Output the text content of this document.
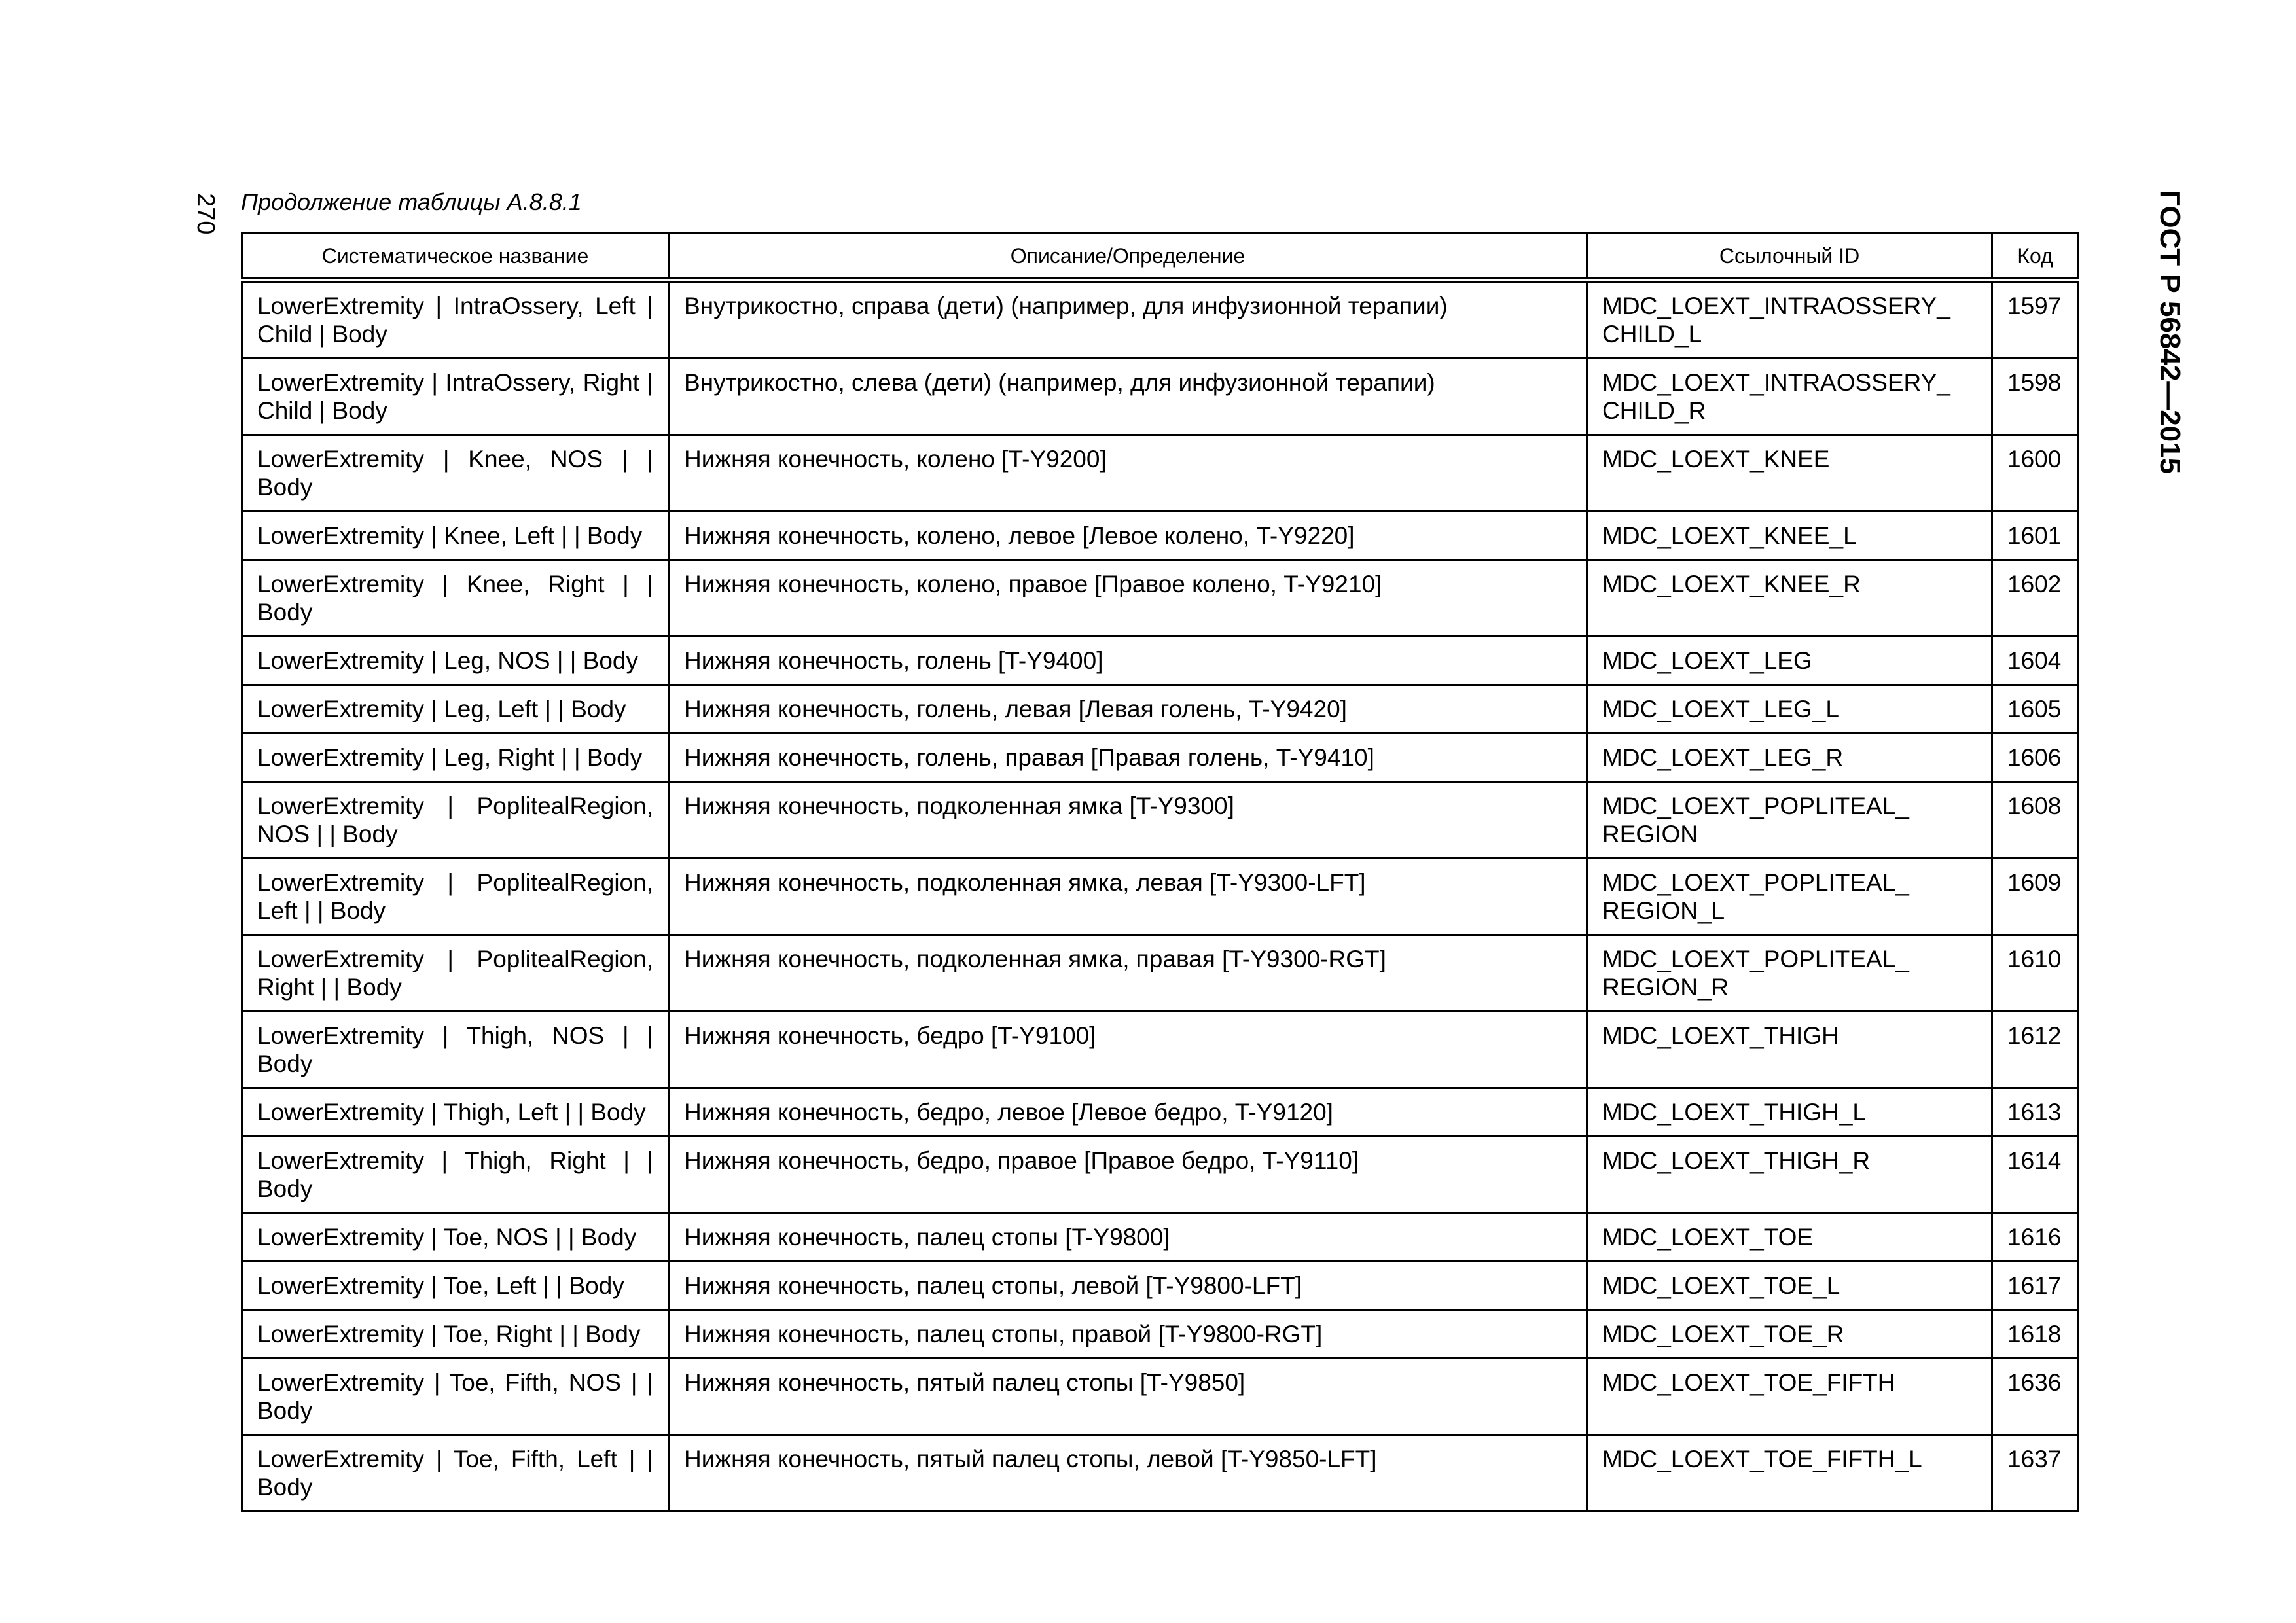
270	ГОСТ Р 56842—2015
Продолжение таблицы А.8.8.1
Систематическое название	Описание/Определение	Ссылочный ID	Код
LowerExtremity | IntraOssery, Left | Child | Body	Внутрикостно, справа (дети) (например, для инфузионной терапии)	MDC_LOEXT_INTRAOSSERY_ CHILD_L	1597
LowerExtremity | IntraOssery, Right | Child | Body	Внутрикостно, слева (дети) (например, для инфузионной терапии)	MDC_LOEXT_INTRAOSSERY_ CHILD_R	1598
LowerExtremity | Knee, NOS | | Body	Нижняя конечность, колено [T-Y9200]	MDC_LOEXT_KNEE	1600
LowerExtremity | Knee, Left | | Body	Нижняя конечность, колено, левое [Левое колено, T-Y9220]	MDC_LOEXT_KNEE_L	1601
LowerExtremity | Knee, Right | | Body	Нижняя конечность, колено, правое [Правое колено, T-Y9210]	MDC_LOEXT_KNEE_R	1602
LowerExtremity | Leg, NOS | | Body	Нижняя конечность, голень [T-Y9400]	MDC_LOEXT_LEG	1604
LowerExtremity | Leg, Left | | Body	Нижняя конечность, голень, левая [Левая голень, T-Y9420]	MDC_LOEXT_LEG_L	1605
LowerExtremity | Leg, Right | | Body	Нижняя конечность, голень, правая [Правая голень, T-Y9410]	MDC_LOEXT_LEG_R	1606
LowerExtremity | PoplitealRegion, NOS | | Body	Нижняя конечность, подколенная ямка [T-Y9300]	MDC_LOEXT_POPLITEAL_ REGION	1608
LowerExtremity | PoplitealRegion, Left | | Body	Нижняя конечность, подколенная ямка, левая [T-Y9300-LFT]	MDC_LOEXT_POPLITEAL_ REGION_L	1609
LowerExtremity | PoplitealRegion, Right | | Body	Нижняя конечность, подколенная ямка, правая [T-Y9300-RGT]	MDC_LOEXT_POPLITEAL_ REGION_R	1610
LowerExtremity | Thigh, NOS | | Body	Нижняя конечность, бедро [T-Y9100]	MDC_LOEXT_THIGH	1612
LowerExtremity | Thigh, Left | | Body	Нижняя конечность, бедро, левое [Левое бедро, T-Y9120]	MDC_LOEXT_THIGH_L	1613
LowerExtremity | Thigh, Right | | Body	Нижняя конечность, бедро, правое [Правое бедро, T-Y9110]	MDC_LOEXT_THIGH_R	1614
LowerExtremity | Toe, NOS | | Body	Нижняя конечность, палец стопы [T-Y9800]	MDC_LOEXT_TOE	1616
LowerExtremity | Toe, Left | | Body	Нижняя конечность, палец стопы, левой [T-Y9800-LFT]	MDC_LOEXT_TOE_L	1617
LowerExtremity | Toe, Right | | Body	Нижняя конечность, палец стопы, правой [T-Y9800-RGT]	MDC_LOEXT_TOE_R	1618
LowerExtremity | Toe, Fifth, NOS | | Body	Нижняя конечность, пятый палец стопы [T-Y9850]	MDC_LOEXT_TOE_FIFTH	1636
LowerExtremity | Toe, Fifth, Left | | Body	Нижняя конечность, пятый палец стопы, левой [T-Y9850-LFT]	MDC_LOEXT_TOE_FIFTH_L	1637
